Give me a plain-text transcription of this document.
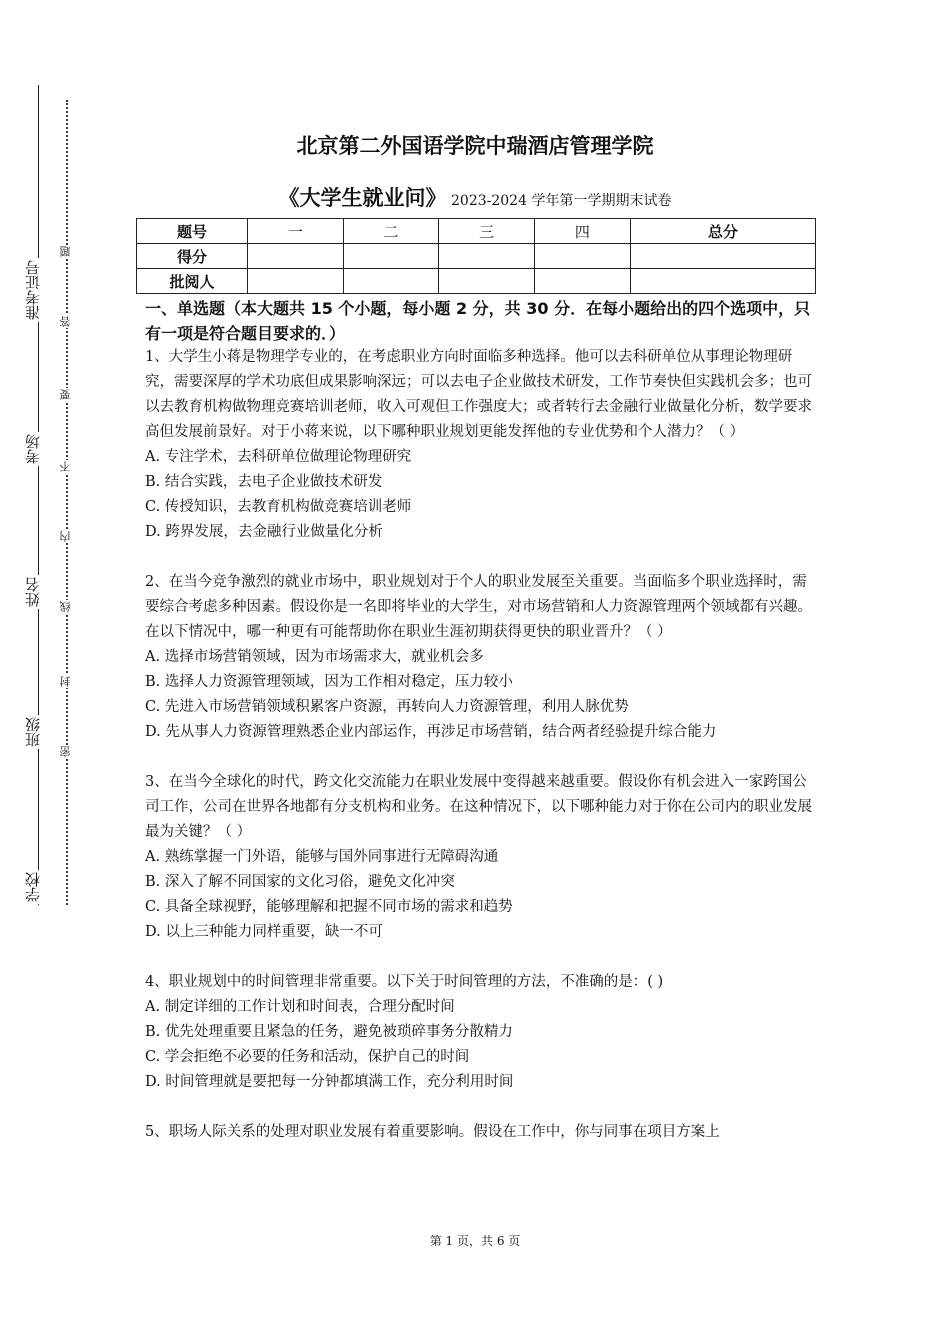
学校
班级
姓名
考场
准考证号
密
封
线
内
不
要
答
题
北京第二外国语学院中瑞酒店管理学院
《大学生就业问》 2023-2024 学年第一学期期末试卷
题号	一	二	三	四	总分
得分					
批阅人					
一、单选题（本大题共 15 个小题，每小题 2 分，共 30 分．在每小题给出的四个选项中，只有一项是符合题目要求的．）

1、大学生小蒋是物理学专业的，在考虑职业方向时面临多种选择。他可以去科研单位从事理论物理研究，需要深厚的学术功底但成果影响深远；可以去电子企业做技术研发，工作节奏快但实践机会多；也可以去教育机构做物理竞赛培训老师，收入可观但工作强度大；或者转行去金融行业做量化分析，数学要求高但发展前景好。对于小蒋来说，以下哪种职业规划更能发挥他的专业优势和个人潜力？（ ）

A. 专注学术，去科研单位做理论物理研究

B. 结合实践，去电子企业做技术研发

C. 传授知识，去教育机构做竞赛培训老师

D. 跨界发展，去金融行业做量化分析

2、在当今竞争激烈的就业市场中，职业规划对于个人的职业发展至关重要。当面临多个职业选择时，需要综合考虑多种因素。假设你是一名即将毕业的大学生，对市场营销和人力资源管理两个领域都有兴趣。在以下情况中，哪一种更有可能帮助你在职业生涯初期获得更快的职业晋升？（ ）

A. 选择市场营销领域，因为市场需求大，就业机会多

B. 选择人力资源管理领域，因为工作相对稳定，压力较小

C. 先进入市场营销领域积累客户资源，再转向人力资源管理，利用人脉优势

D. 先从事人力资源管理熟悉企业内部运作，再涉足市场营销，结合两者经验提升综合能力

3、在当今全球化的时代，跨文化交流能力在职业发展中变得越来越重要。假设你有机会进入一家跨国公司工作，公司在世界各地都有分支机构和业务。在这种情况下，以下哪种能力对于你在公司内的职业发展最为关键？（ ）

A. 熟练掌握一门外语，能够与国外同事进行无障碍沟通

B. 深入了解不同国家的文化习俗，避免文化冲突

C. 具备全球视野，能够理解和把握不同市场的需求和趋势

D. 以上三种能力同样重要，缺一不可

4、职业规划中的时间管理非常重要。以下关于时间管理的方法，不准确的是：( )

A. 制定详细的工作计划和时间表，合理分配时间

B. 优先处理重要且紧急的任务，避免被琐碎事务分散精力

C. 学会拒绝不必要的任务和活动，保护自己的时间

D. 时间管理就是要把每一分钟都填满工作，充分利用时间

5、职场人际关系的处理对职业发展有着重要影响。假设在工作中，你与同事在项目方案上

第 1 页，共 6 页
